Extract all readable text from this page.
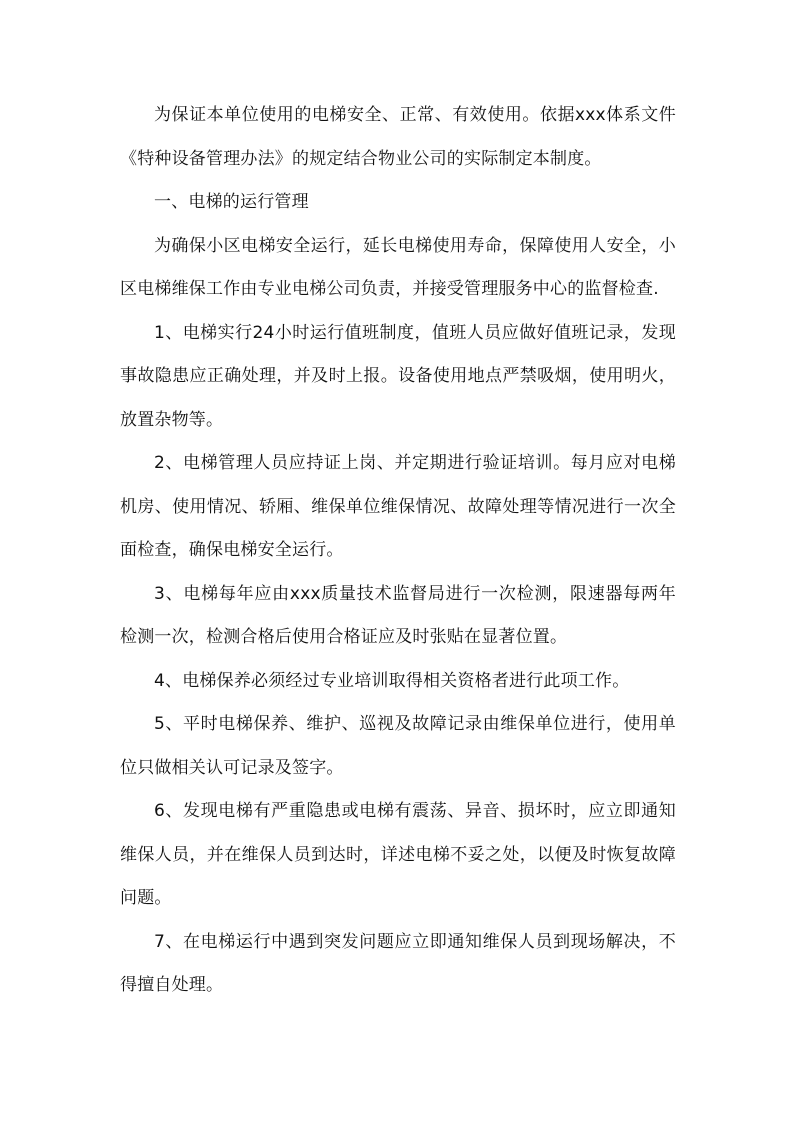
为保证本单位使用的电梯安全、正常、有效使用。依据xxx体系文件《特种设备管理办法》的规定结合物业公司的实际制定本制度。

一、电梯的运行管理

为确保小区电梯安全运行，延长电梯使用寿命，保障使用人安全，小区电梯维保工作由专业电梯公司负责，并接受管理服务中心的监督检查.

1、电梯实行24小时运行值班制度，值班人员应做好值班记录，发现事故隐患应正确处理，并及时上报。设备使用地点严禁吸烟，使用明火，放置杂物等。

2、电梯管理人员应持证上岗、并定期进行验证培训。每月应对电梯机房、使用情况、轿厢、维保单位维保情况、故障处理等情况进行一次全面检查，确保电梯安全运行。

3、电梯每年应由xxx质量技术监督局进行一次检测，限速器每两年检测一次，检测合格后使用合格证应及时张贴在显著位置。

4、电梯保养必须经过专业培训取得相关资格者进行此项工作。

5、平时电梯保养、维护、巡视及故障记录由维保单位进行，使用单位只做相关认可记录及签字。

6、发现电梯有严重隐患或电梯有震荡、异音、损坏时，应立即通知维保人员，并在维保人员到达时，详述电梯不妥之处，以便及时恢复故障问题。

7、在电梯运行中遇到突发问题应立即通知维保人员到现场解决，不得擅自处理。
